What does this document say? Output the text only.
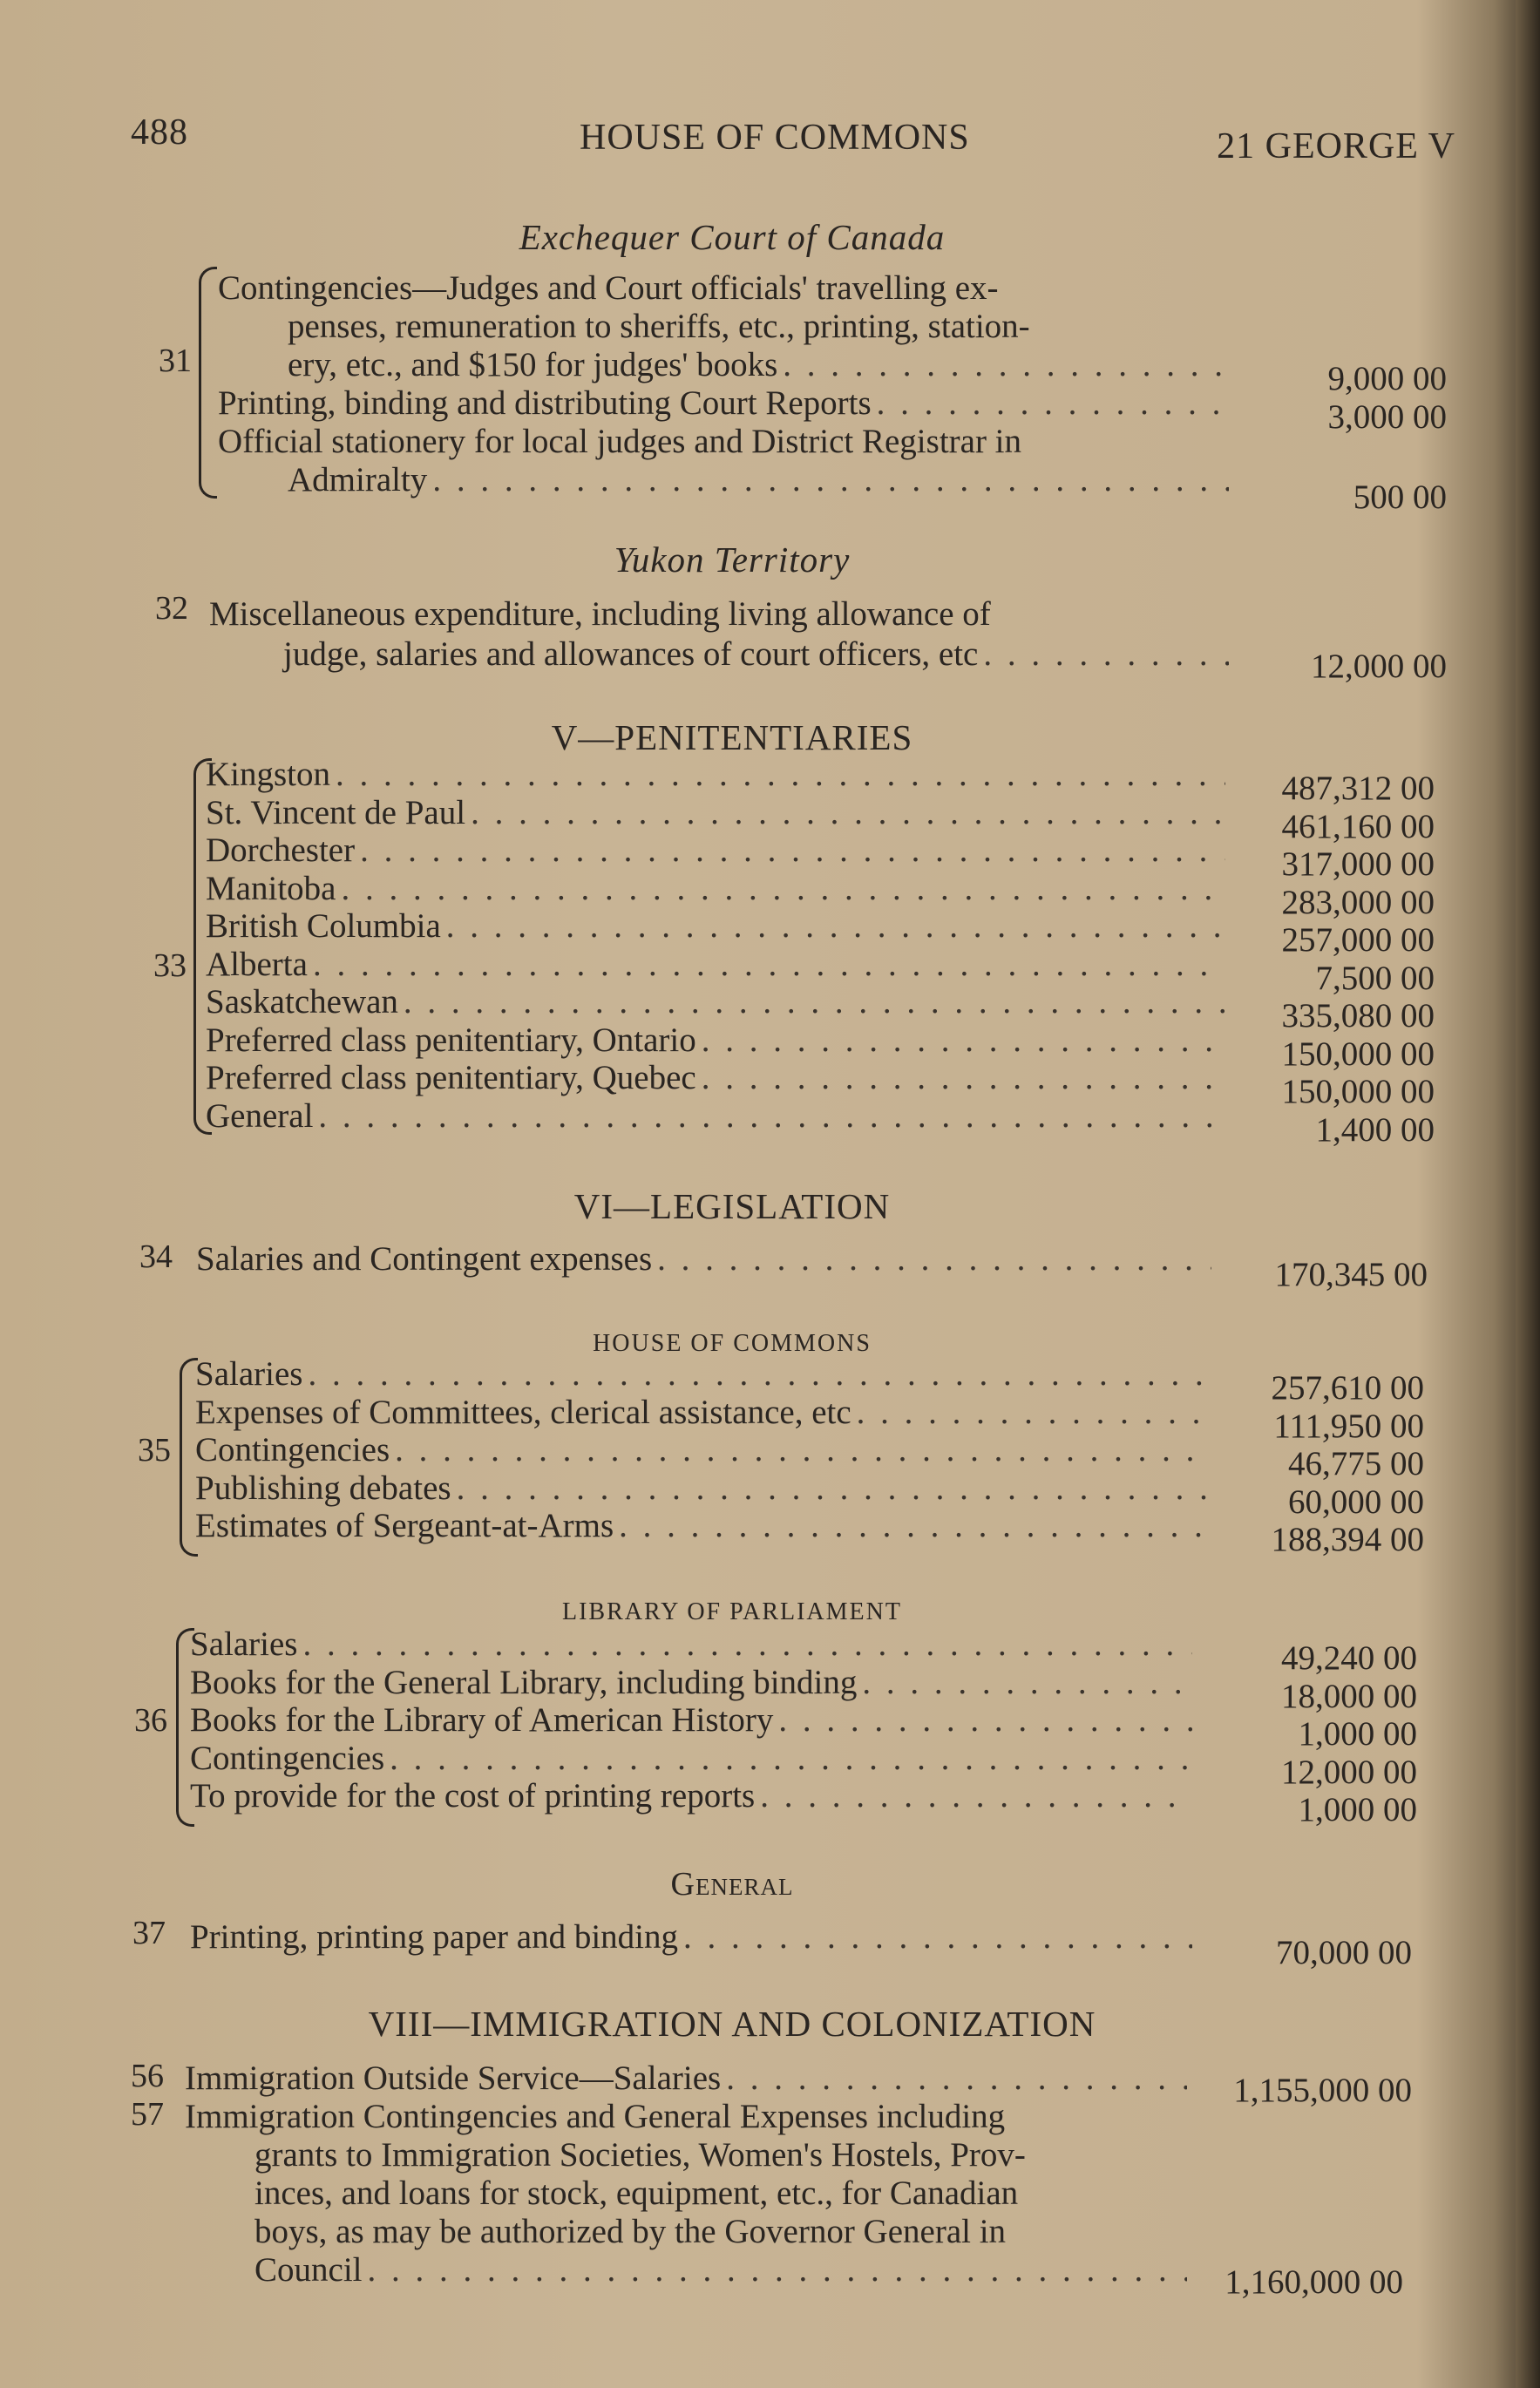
488	HOUSE OF COMMONS	21 GEORGE V
Exchequer Court of Canada
31
Contingencies—Judges and Court officials' travelling ex-
penses, remuneration to sheriffs, etc., printing, station-
ery, etc., and $150 for judges' books . . .	9,000 00
Printing, binding and distributing Court Reports . . .	3,000 00
Official stationery for local judges and District Registrar in
Admiralty . . .	500 00
Yukon Territory
32 Miscellaneous expenditure, including living allowance of
judge, salaries and allowances of court officers, etc . . .	12,000 00
V—PENITENTIARIES
33
Kingston . . .	487,312 00
St. Vincent de Paul . . .	461,160 00
Dorchester . . .	317,000 00
Manitoba . . .	283,000 00
British Columbia . . .	257,000 00
Alberta . . .	7,500 00
Saskatchewan . . .	335,080 00
Preferred class penitentiary, Ontario . . .	150,000 00
Preferred class penitentiary, Quebec . . .	150,000 00
General . . .	1,400 00
VI—LEGISLATION
34 Salaries and Contingent expenses . . .	170,345 00
HOUSE OF COMMONS
35
Salaries . . .	257,610 00
Expenses of Committees, clerical assistance, etc . . .	111,950 00
Contingencies . . .	46,775 00
Publishing debates . . .	60,000 00
Estimates of Sergeant-at-Arms . . .	188,394 00
LIBRARY OF PARLIAMENT
36
Salaries . . .	49,240 00
Books for the General Library, including binding . . .	18,000 00
Books for the Library of American History . . .	1,000 00
Contingencies . . .	12,000 00
To provide for the cost of printing reports . . .	1,000 00
General
37 Printing, printing paper and binding . . .	70,000 00
VIII—IMMIGRATION AND COLONIZATION
56 Immigration Outside Service—Salaries . . .	1,155,000 00
57 Immigration Contingencies and General Expenses including
grants to Immigration Societies, Women's Hostels, Prov-
inces, and loans for stock, equipment, etc., for Canadian
boys, as may be authorized by the Governor General in
Council . . .	1,160,000 00
